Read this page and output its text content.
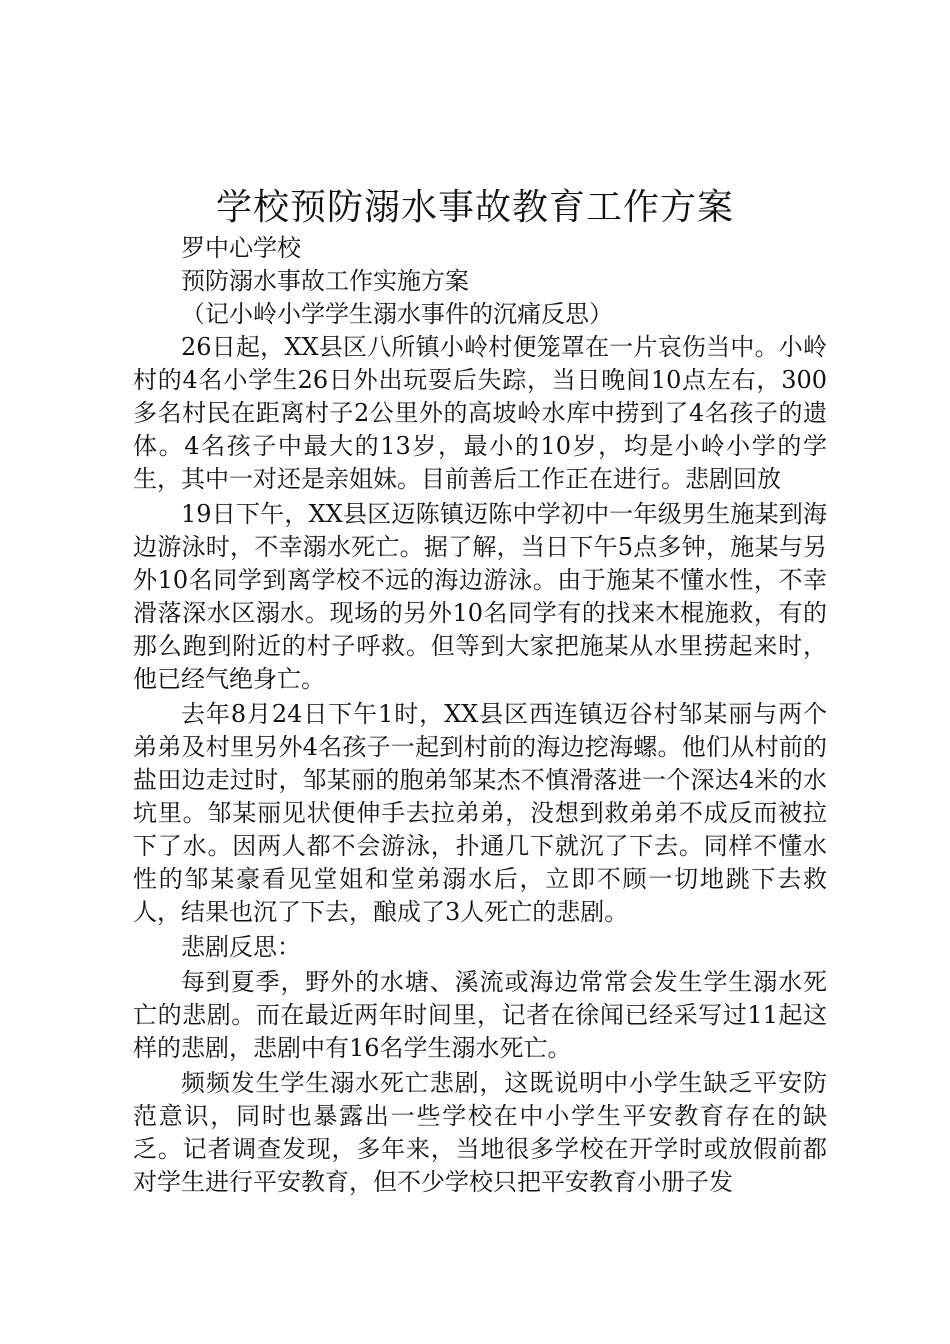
学校预防溺水事故教育工作方案

罗中心学校

预防溺水事故工作实施方案

（记小岭小学学生溺水事件的沉痛反思）

26日起，XX县区八所镇小岭村便笼罩在一片哀伤当中。小岭村的4名小学生26日外出玩耍后失踪，当日晚间10点左右，300多名村民在距离村子2公里外的高坡岭水库中捞到了4名孩子的遗体。4名孩子中最大的13岁，最小的10岁，均是小岭小学的学生，其中一对还是亲姐妹。目前善后工作正在进行。悲剧回放

19日下午，XX县区迈陈镇迈陈中学初中一年级男生施某到海边游泳时，不幸溺水死亡。据了解，当日下午5点多钟，施某与另外10名同学到离学校不远的海边游泳。由于施某不懂水性，不幸滑落深水区溺水。现场的另外10名同学有的找来木棍施救，有的那么跑到附近的村子呼救。但等到大家把施某从水里捞起来时，他已经气绝身亡。

去年8月24日下午1时，XX县区西连镇迈谷村邹某丽与两个弟弟及村里另外4名孩子一起到村前的海边挖海螺。他们从村前的盐田边走过时，邹某丽的胞弟邹某杰不慎滑落进一个深达4米的水坑里。邹某丽见状便伸手去拉弟弟，没想到救弟弟不成反而被拉下了水。因两人都不会游泳，扑通几下就沉了下去。同样不懂水性的邹某豪看见堂姐和堂弟溺水后，立即不顾一切地跳下去救人，结果也沉了下去，酿成了3人死亡的悲剧。

悲剧反思：

每到夏季，野外的水塘、溪流或海边常常会发生学生溺水死亡的悲剧。而在最近两年时间里，记者在徐闻已经采写过11起这样的悲剧，悲剧中有16名学生溺水死亡。

频频发生学生溺水死亡悲剧，这既说明中小学生缺乏平安防范意识，同时也暴露出一些学校在中小学生平安教育存在的缺乏。记者调查发现，多年来，当地很多学校在开学时或放假前都对学生进行平安教育，但不少学校只把平安教育小册子发
